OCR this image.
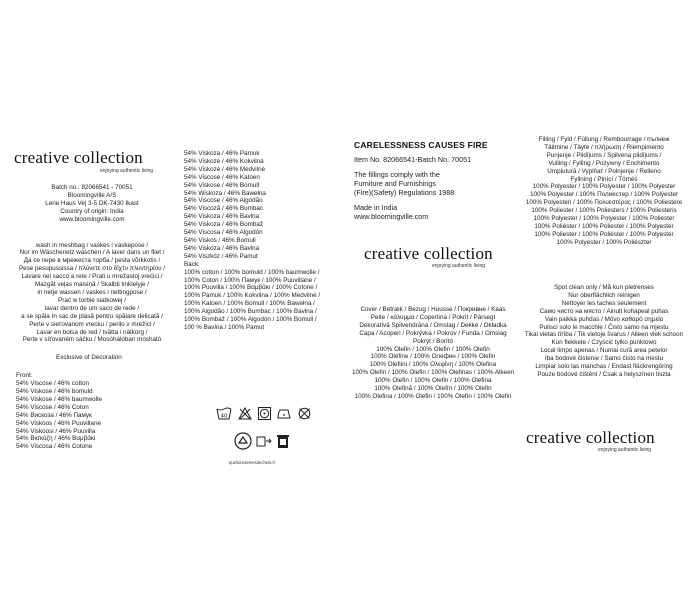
creative collection
enjoying authentic living
Batch no.: 82066541 - 70051
Bloomingville A/S
Lene Haus Vej 3-5 DK-7430 Ikast
Country of origin: India
www.bloomingville.com
wash in meshbag / vaskes i vaskepose /
Nur im Wäschenetz waschen / A laver dans un filet /
Да се пере в мрежеста торба / pesta võrkkotis /
Pese pesupussissa / πλύνετε στο δίχτυ πλυντηρίου /
Lavare nel sacco a rete / Prati u mrežastoj vrećici /
Mazgāt veļas maisiņā / Skalbti tinklelyje /
in netje wassen / vaskes i nettingpose /
Prać w torbie siatkowej /
lavar dentro de um saco de rede /
a se spăla în sac de plasă pentru spălare delicată /
Perte v sieťovanom vrecku / perilo v mrežici /
Lavar en bolsa de red / tvätta i nätkorg /
Perte v síťovaném sáčku / Mosóhálóban mosható
Exclusive of Decoration
Front:
54% Viscose / 46% cotton
54% Viskose / 46% bomuld
54% Viskose / 46% baumwolle
54% Viscose / 46% Coton
54% Вискоза / 46% Памук
54% Viskoos / 46% Puuvillane
54% Viskoosi / 46% Puuvilla
54% Βισκόζη / 46% Βαμβάκι
54% Viscosa / 46% Cotone
54% Viskoza / 46% Pamuk
54% Viskoze / 46% Kokvilna
54% Viskozė / 46% Medvilnė
54% Viscose / 46% Katoen
54% Viskose / 46% Bomull
54% Wiskoza / 46% Bawełna
54% Viscose / 46% Algodão
54% Viscoză / 46% Bumbac
54% Viskoza / 46% Bavlna
54% Viskoza / 46% Bombaž
54% Viscosa / 46% Algodón
54% Viskos / 46% Bomull
54% Viskóza / 46% Bavlna
54% Viszkóz / 46% Pamut
Back:
100% cotton / 100% bomuld / 100% baumwolle /
100% Coton / 100% Памук / 100% Puuvillane /
100% Puuvilla / 100% Βαμβάκι / 100% Cotone /
100% Pamuk / 100% Kokvilna / 100% Medvilnė /
100% Katoen / 100% Bomull / 100% Bawełna /
100% Algodão / 100% Bumbac / 100% Bavlna /
100% Bombaž / 100% Algodón / 100% Bomull /
100 % Bavlna / 100% Pamut
40
quefairedemesdechets.fr
CARELESSNESS CAUSES FIRE
Item No. 82066541-Batch No. 70051
The fillings comply with the
Furniture and Furnishings
(Fire)(Safety) Regulations 1988
Made in India
www.bloomingville.com
creative collection
enjoying authentic living
Cover / Betræk / Bezug / Housse / Покривне / Kaas
Peite / κάλυμμα / Copertina / Pokrit / Pārsegt
Dekoratīvā Spilvendrāna / Omslag / Dekke / Okładka
Capa / Acoperi / Pokrývka / Pokrov / Funda / Omslag
Pokrýt / Borító
100% Olefin / 100% Olefin / 100% Olefin
100% Oléfine / 100% Олефин / 100% Olefin
100% Olefiini / 100% Ολεφίνη / 100% Olefina
100% Olefin / 100% Olefin / 100% Olefinas / 100% Alkeen
100% Olefin / 100% Olefin / 100% Olefina
100% Olefină / 100% Olefín / 100% Olefin
100% Olefina / 100% Olefin / 100% Olefín / 100% Olefin
Filling / Fyld / Füllung / Rembourrage / пълнеж
Täitmine / Täyte / πλήρωση / Riempimento
Punjenje / Pildījums / Spilvena pildījums /
Vulling / Fylling / Pożywny / Enchimento
Umplutură / Vyplňať / Polnjenje / Relleno
Fyllning / Plnící / Töméś
100% Polyester / 100% Polyester / 100% Polyester
100% Polyester / 100% Полиестер / 100% Polÿester
100% Polyesteri / 100% Πολυεστέρας / 100% Poliestere
100% Poliester / 100% Poliesters / 100% Poliesteris
100% Polyester / 100% Polyester / 100% Poliester
100% Poliéster / 100% Poliester / 100% Polyester
100% Poliester / 100% Poliéster / 100% Polyester
100% Polyester / 100% Poliészter
Spot clean only / Må kun pletrenses
Nur oberflächlich reinigen
Nettoyer les taches seulement
Само чисто на място / Ainult kohapeal puhas
Vain paikka puhdas / Μόνο καθαρό σημείο
Pulisci solo le macchie / Čisto samo na mjestu
Tikai vietas tīrība / Tik vietoje švarus / Alleen vlek schoon
Kun flekkete / Czyścić tylko punktowo
Local limpo apenas / Numai cură area petelor
Iba bodové čistenie / Samo čisto na mestu
Limpiar solo las manchas / Endast fläckrengöring
Pouze bodové čištění / Csak a helyszínen tiszta
creative collection
enjoying authentic living
